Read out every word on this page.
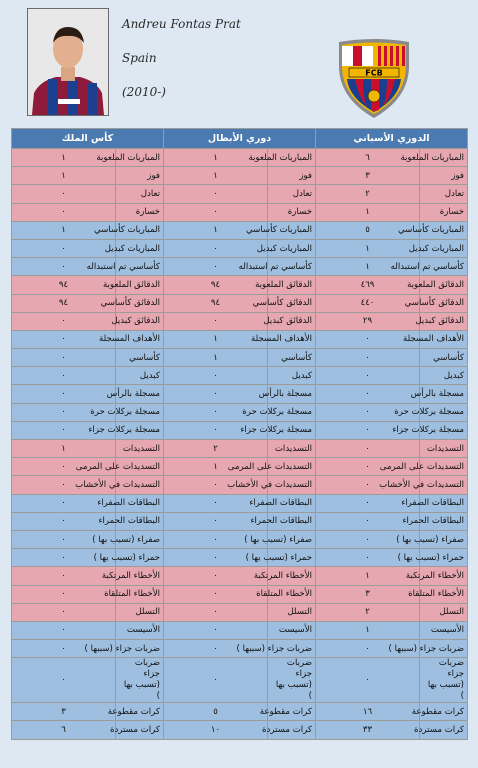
Andreu Fontas Prat
Spain
(2010-)
FCB
كأس الملك		دوري الأبطال		الدوري الأسباني	
١	المباريات الملعوبة	١	المباريات الملعوبة	٦	المباريات الملعوبة
١	فوز	١	فوز	٣	فوز
٠	تعادل	٠	تعادل	٢	تعادل
٠	خسارة	٠	خسارة	١	خسارة
١	المباريات كأساسي	١	المباريات كأساسي	٥	المباريات كأساسي
٠	المباريات كبديل	٠	المباريات كبديل	١	المباريات كبديل
٠	كأساسي تم استبداله	٠	كأساسي تم استبداله	١	كأساسي تم استبداله
٩٤	الدقائق الملعوبة	٩٤	الدقائق الملعوبة	٤٦٩	الدقائق الملعوبة
٩٤	الدقائق كأساسي	٩٤	الدقائق كأساسي	٤٤٠	الدقائق كأساسي
٠	الدقائق كبديل	٠	الدقائق كبديل	٢٩	الدقائق كبديل
٠	الأهداف المسجلة	١	الأهداف المسجلة	٠	الأهداف المسجلة
٠	كأساسي	١	كأساسي	٠	كأساسي
٠	كبديل	٠	كبديل	٠	كبديل
٠	مسجلة بالرأس	٠	مسجلة بالرأس	٠	مسجلة بالرأس
٠	مسجلة بركلات حرة	٠	مسجلة بركلات حرة	٠	مسجلة بركلات حرة
٠	مسجلة بركلات جزاء	٠	مسجلة بركلات جزاء	٠	مسجلة بركلات جزاء
١	التسديدات	٢	التسديدات	٠	التسديدات
٠	التسديدات على المرمى	١	التسديدات على المرمى	٠	التسديدات على المرمى
٠	التسديدات في الأخشاب	٠	التسديدات في الأخشاب	٠	التسديدات في الأخشاب
٠	البطاقات الصفراء	٠	البطاقات الصفراء	٠	البطاقات الصفراء
٠	البطاقات الحمراء	٠	البطاقات الحمراء	٠	البطاقات الحمراء
٠	صفراء (تسبب بها )	٠	صفراء (تسبب بها )	٠	صفراء (تسبب بها )
٠	حمراء (تسبب بها )	٠	حمراء (تسبب بها )	٠	حمراء (تسبب بها )
٠	الأخطاء المرتكبة	٠	الأخطاء المرتكبة	١	الأخطاء المرتكبة
٠	الأخطاء المتلقاة	٠	الأخطاء المتلقاة	٣	الأخطاء المتلقاة
٠	التسلل	٠	التسلل	٢	التسلل
٠	الأسيست	٠	الأسيست	١	الأسيست
٠	ضربات جزاء (سببها )	٠	ضربات جزاء (سببها )	٠	ضربات جزاء (سببها )
٠	ضربات جزاء (تسبب بها )	٠	ضربات جزاء (تسبب بها )	٠	ضربات جزاء (تسبب بها )
٣	كرات مقطوعة	٥	كرات مقطوعة	١٦	كرات مقطوعة
٦	كرات مستردة	١٠	كرات مستردة	٣٣	كرات مستردة
